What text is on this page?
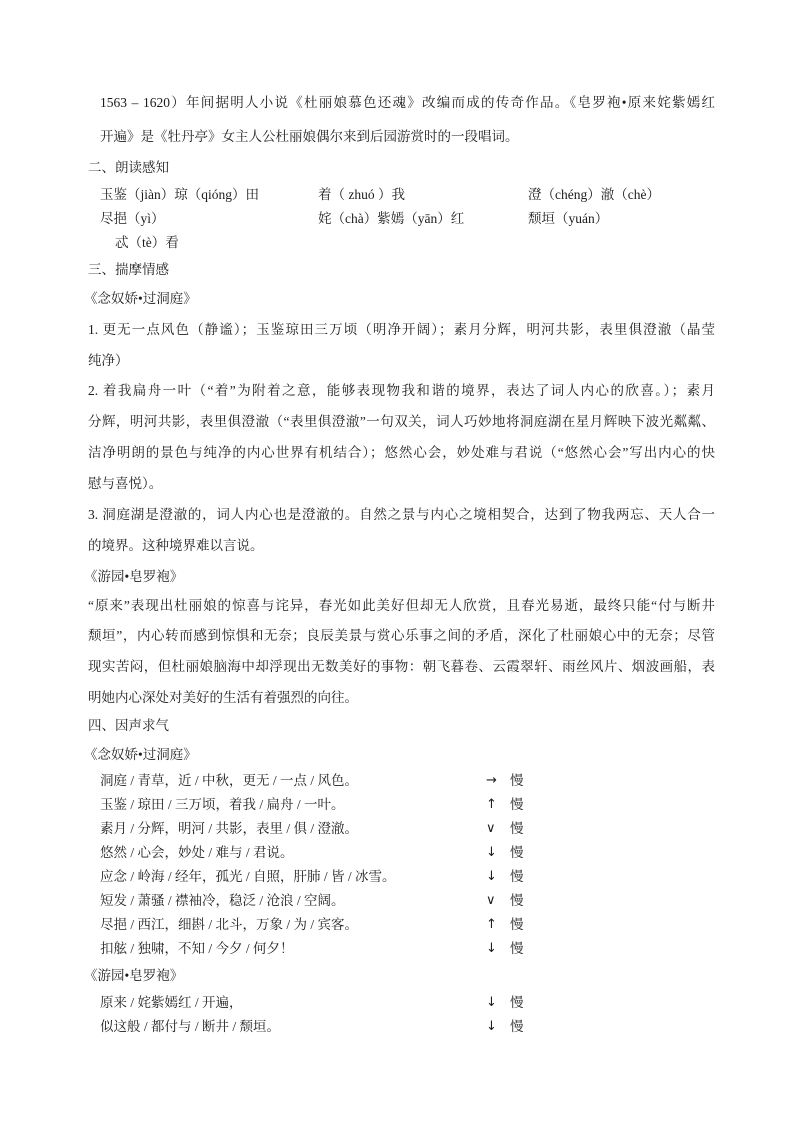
1563 – 1620）年间据明人小说《杜丽娘慕色还魂》改编而成的传奇作品。《皂罗袍•原来姹紫嫣红
开遍》是《牡丹亭》女主人公杜丽娘偶尔来到后园游赏时的一段唱词。
二、朗读感知
玉鉴（jiàn）琼（qióng）田	着（ zhuó ）我	澄（chéng）澈（chè）
尽挹（yì）	姹（chà）紫嫣（yān）红	颓垣（yuán）
忒（tè）看
三、揣摩情感
《念奴娇•过洞庭》
1. 更无一点风色（静谧）；玉鉴琼田三万顷（明净开阔）；素月分辉，明河共影，表里俱澄澈（晶莹
纯净）
2. 着我扁舟一叶（“着”为附着之意，能够表现物我和谐的境界，表达了词人内心的欣喜。）；素月
分辉，明河共影，表里俱澄澈（“表里俱澄澈”一句双关，词人巧妙地将洞庭湖在星月辉映下波光粼粼、
洁净明朗的景色与纯净的内心世界有机结合）；悠然心会，妙处难与君说（“悠然心会”写出内心的快
慰与喜悦）。
3. 洞庭湖是澄澈的，词人内心也是澄澈的。自然之景与内心之境相契合，达到了物我两忘、天人合一
的境界。这种境界难以言说。
《游园•皂罗袍》
“原来”表现出杜丽娘的惊喜与诧异，春光如此美好但却无人欣赏，且春光易逝，最终只能“付与断井
颓垣”，内心转而感到惊惧和无奈；良辰美景与赏心乐事之间的矛盾，深化了杜丽娘心中的无奈；尽管
现实苦闷，但杜丽娘脑海中却浮现出无数美好的事物：朝飞暮卷、云霞翠轩、雨丝风片、烟波画船，表
明她内心深处对美好的生活有着强烈的向往。
四、因声求气
《念奴娇•过洞庭》
洞庭 / 青草，近 / 中秋，更无 / 一点 / 风色。	→ 慢
玉鉴 / 琼田 / 三万顷，着我 / 扁舟 / 一叶。	↑ 慢
素月 / 分辉，明河 / 共影，表里 / 俱 / 澄澈。	∨ 慢
悠然 / 心会，妙处 / 难与 / 君说。	↓ 慢
应念 / 岭海 / 经年，孤光 / 自照，肝肺 / 皆 / 冰雪。	↓ 慢
短发 / 萧骚 / 襟袖冷，稳泛 / 沧浪 / 空阔。	∨ 慢
尽挹 / 西江，细斟 / 北斗，万象 / 为 / 宾客。	↑ 慢
扣舷 / 独啸，不知 / 今夕 / 何夕！	↓ 慢
《游园•皂罗袍》
原来 / 姹紫嫣红 / 开遍，	↓ 慢
似这般 / 都付与 / 断井 / 颓垣。	↓ 慢
